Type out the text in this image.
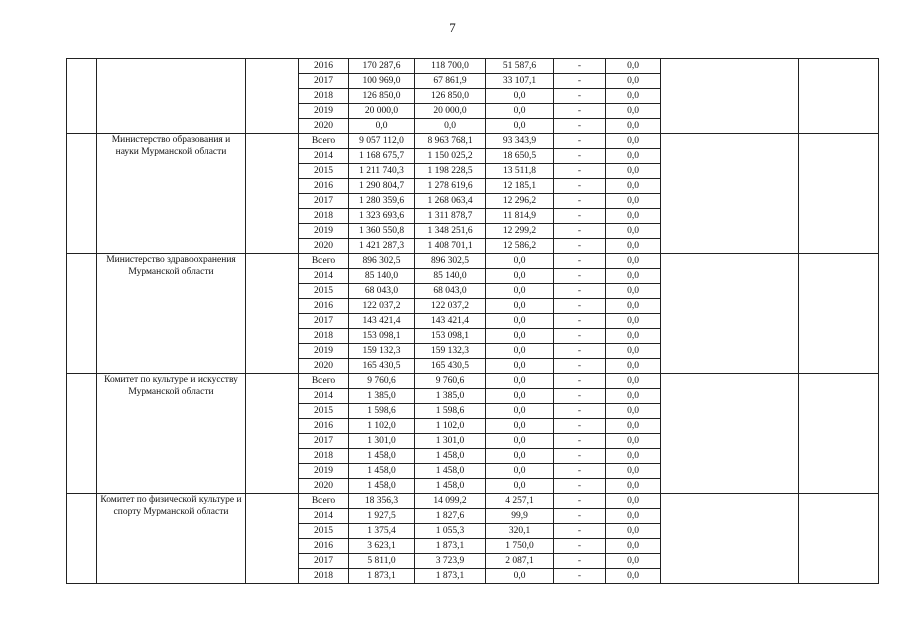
7
			2016	170 287,6	118 700,0	51 587,6	-	0,0		
			2017	100 969,0	67 861,9	33 107,1	-	0,0		
			2018	126 850,0	126 850,0	0,0	-	0,0		
			2019	20 000,0	20 000,0	0,0	-	0,0		
			2020	0,0	0,0	0,0	-	0,0		
	Министерство образования и науки Мурманской области		Всего	9 057 112,0	8 963 768,1	93 343,9	-	0,0		
			2014	1 168 675,7	1 150 025,2	18 650,5	-	0,0		
			2015	1 211 740,3	1 198 228,5	13 511,8	-	0,0		
			2016	1 290 804,7	1 278 619,6	12 185,1	-	0,0		
			2017	1 280 359,6	1 268 063,4	12 296,2	-	0,0		
			2018	1 323 693,6	1 311 878,7	11 814,9	-	0,0		
			2019	1 360 550,8	1 348 251,6	12 299,2	-	0,0		
			2020	1 421 287,3	1 408 701,1	12 586,2	-	0,0		
	Министерство здравоохранения Мурманской области		Всего	896 302,5	896 302,5	0,0	-	0,0		
			2014	85 140,0	85 140,0	0,0	-	0,0		
			2015	68 043,0	68 043,0	0,0	-	0,0		
			2016	122 037,2	122 037,2	0,0	-	0,0		
			2017	143 421,4	143 421,4	0,0	-	0,0		
			2018	153 098,1	153 098,1	0,0	-	0,0		
			2019	159 132,3	159 132,3	0,0	-	0,0		
			2020	165 430,5	165 430,5	0,0	-	0,0		
	Комитет по культуре и искусству Мурманской области		Всего	9 760,6	9 760,6	0,0	-	0,0		
			2014	1 385,0	1 385,0	0,0	-	0,0		
			2015	1 598,6	1 598,6	0,0	-	0,0		
			2016	1 102,0	1 102,0	0,0	-	0,0		
			2017	1 301,0	1 301,0	0,0	-	0,0		
			2018	1 458,0	1 458,0	0,0	-	0,0		
			2019	1 458,0	1 458,0	0,0	-	0,0		
			2020	1 458,0	1 458,0	0,0	-	0,0		
	Комитет по физической культуре и спорту Мурманской области		Всего	18 356,3	14 099,2	4 257,1	-	0,0		
			2014	1 927,5	1 827,6	99,9	-	0,0		
			2015	1 375,4	1 055,3	320,1	-	0,0		
			2016	3 623,1	1 873,1	1 750,0	-	0,0		
			2017	5 811,0	3 723,9	2 087,1	-	0,0		
			2018	1 873,1	1 873,1	0,0	-	0,0		
